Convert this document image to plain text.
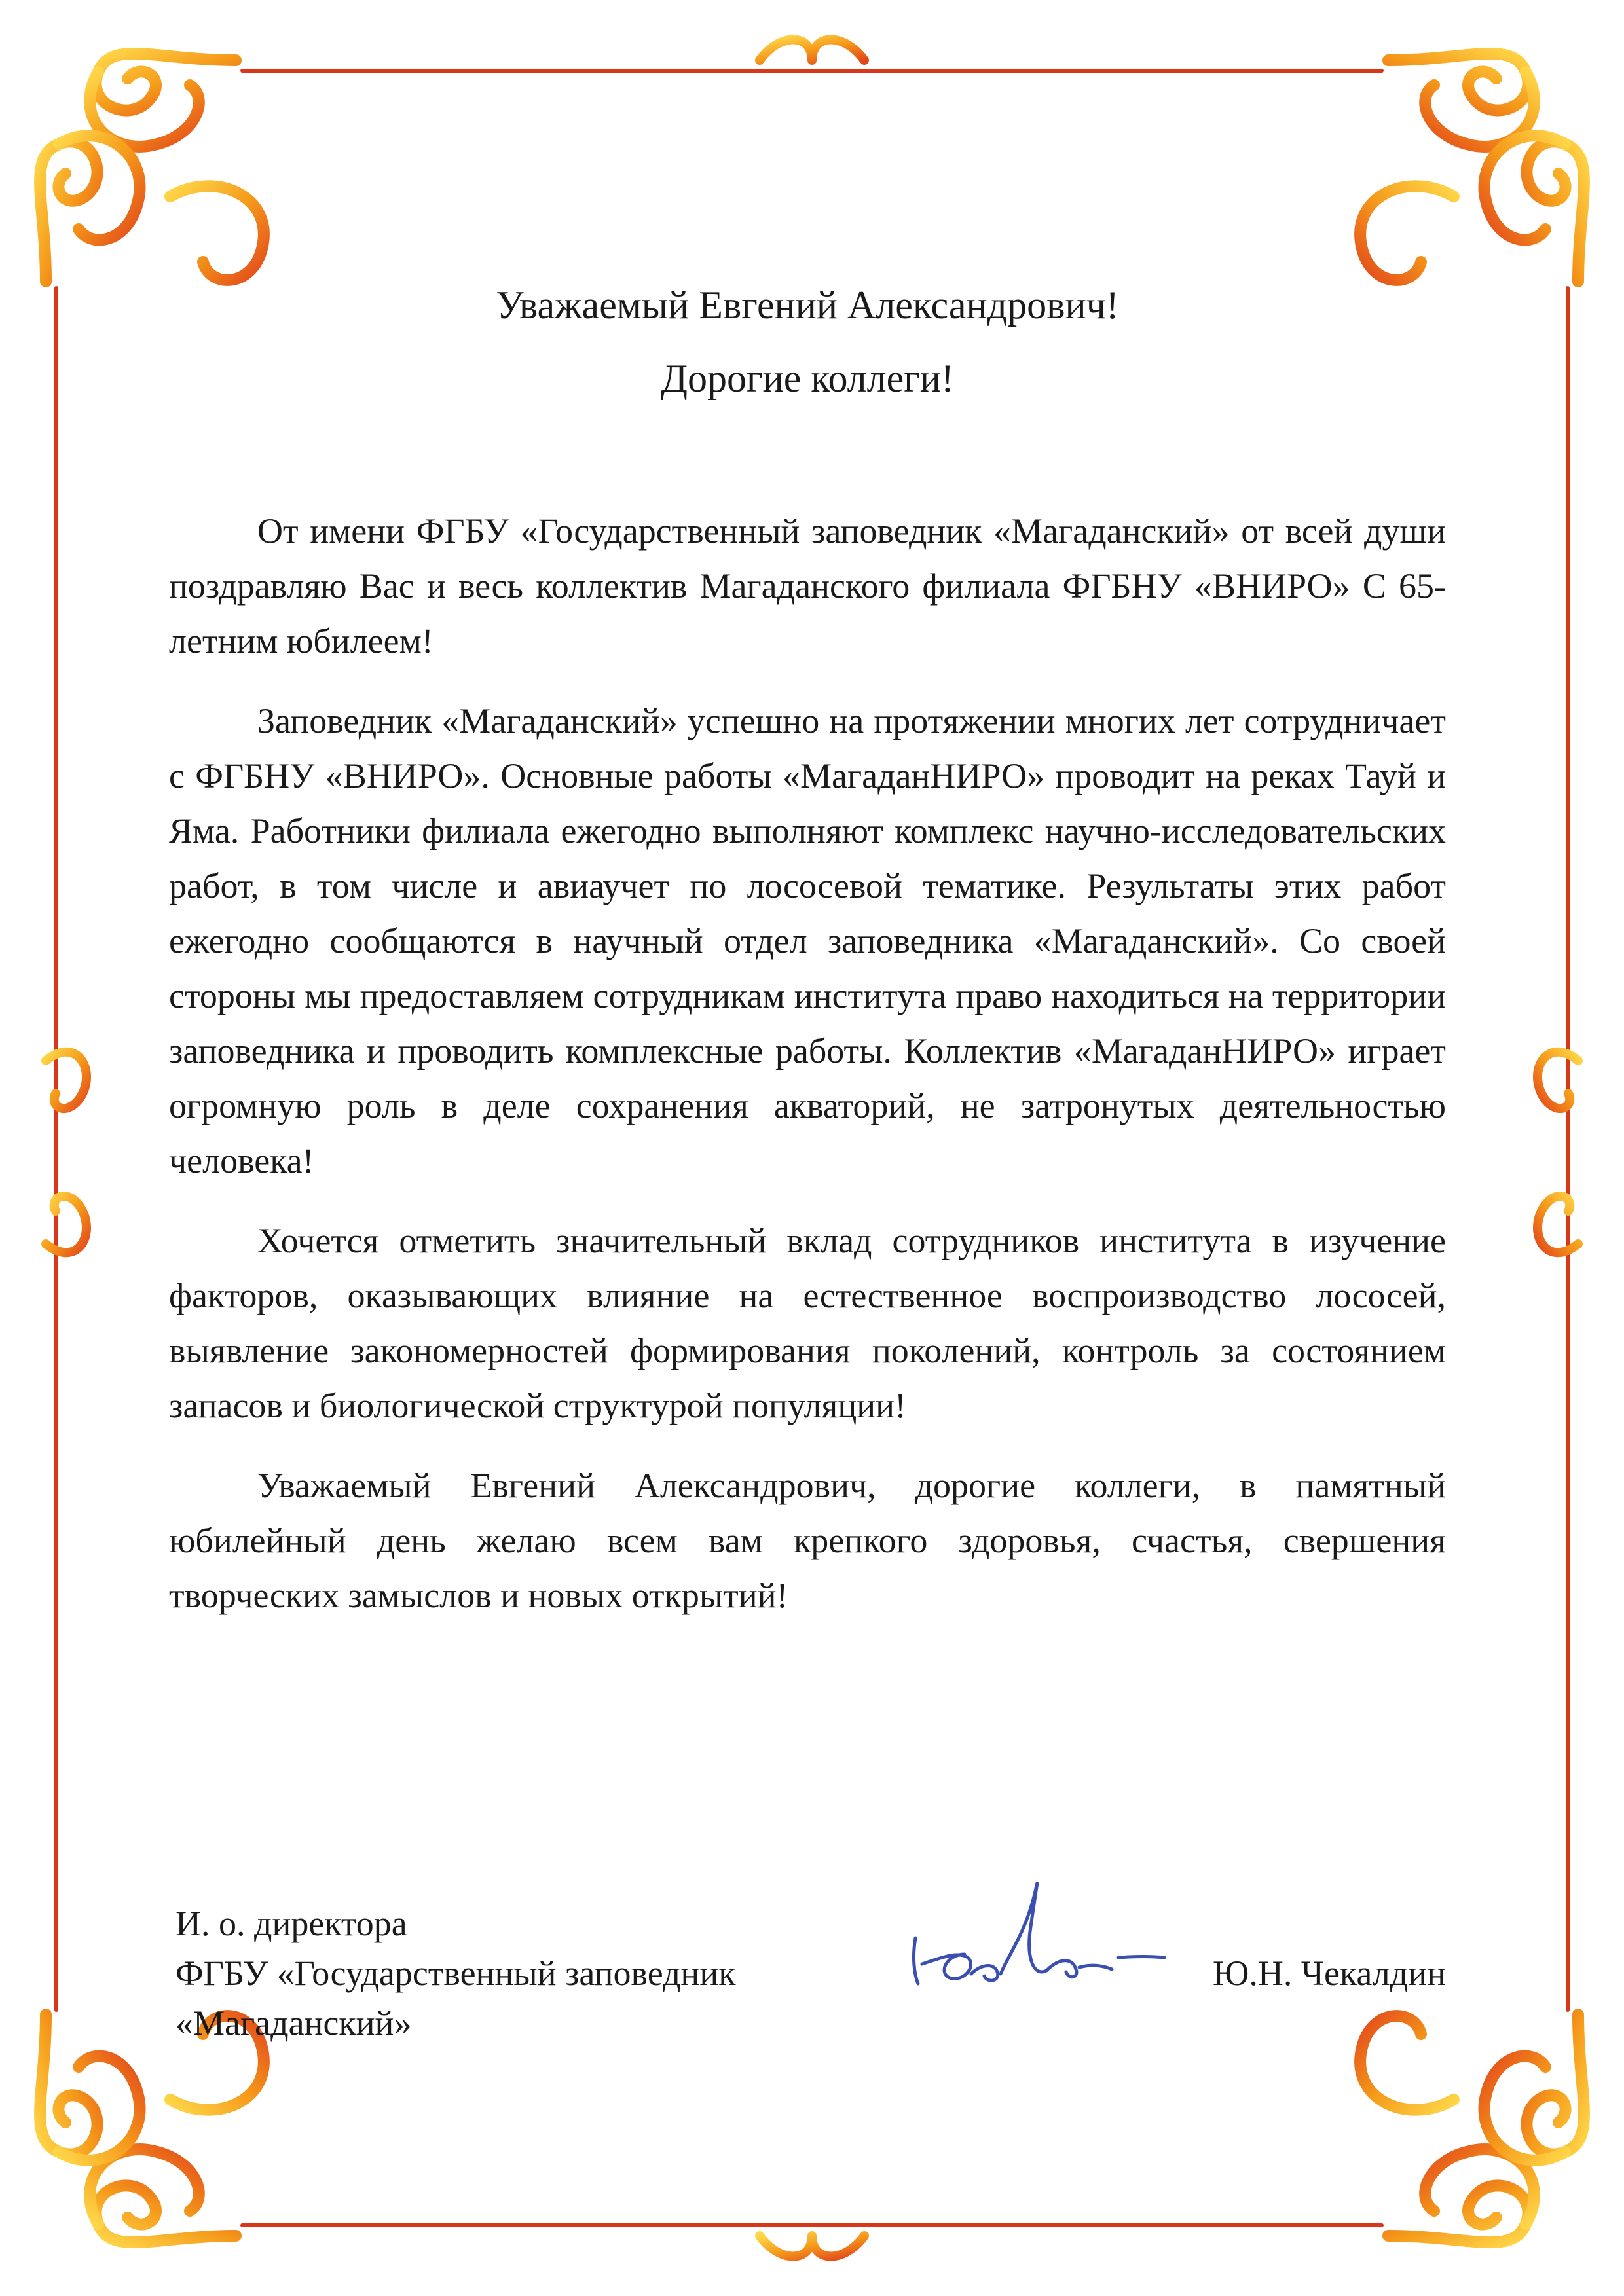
Уважаемый Евгений Александрович!
Дорогие коллеги!

От имени ФГБУ «Государственный заповедник «Магаданский» от всей души поздравляю Вас и весь коллектив Магаданского филиала ФГБНУ «ВНИРО» С 65-летним юбилеем!

Заповедник «Магаданский» успешно на протяжении многих лет сотрудничает с ФГБНУ «ВНИРО». Основные работы «МагаданНИРО» проводит на реках Тауй и Яма. Работники филиала ежегодно выполняют комплекс научно-исследовательских работ, в том числе и авиаучет по лососевой тематике. Результаты этих работ ежегодно сообщаются в научный отдел заповедника «Магаданский». Со своей стороны мы предоставляем сотрудникам института право находиться на территории заповедника и проводить комплексные работы. Коллектив «МагаданНИРО» играет огромную роль в деле сохранения акваторий, не затронутых деятельностью человека!

Хочется отметить значительный вклад сотрудников института в изучение факторов, оказывающих влияние на естественное воспроизводство лососей, выявление закономерностей формирования поколений, контроль за состоянием запасов и биологической структурой популяции!

Уважаемый Евгений Александрович, дорогие коллеги, в памятный юбилейный день желаю всем вам крепкого здоровья, счастья, свершения творческих замыслов и новых открытий!

И. о. директора
ФГБУ «Государственный заповедник
«Магаданский»
Ю.Н. Чекалдин
